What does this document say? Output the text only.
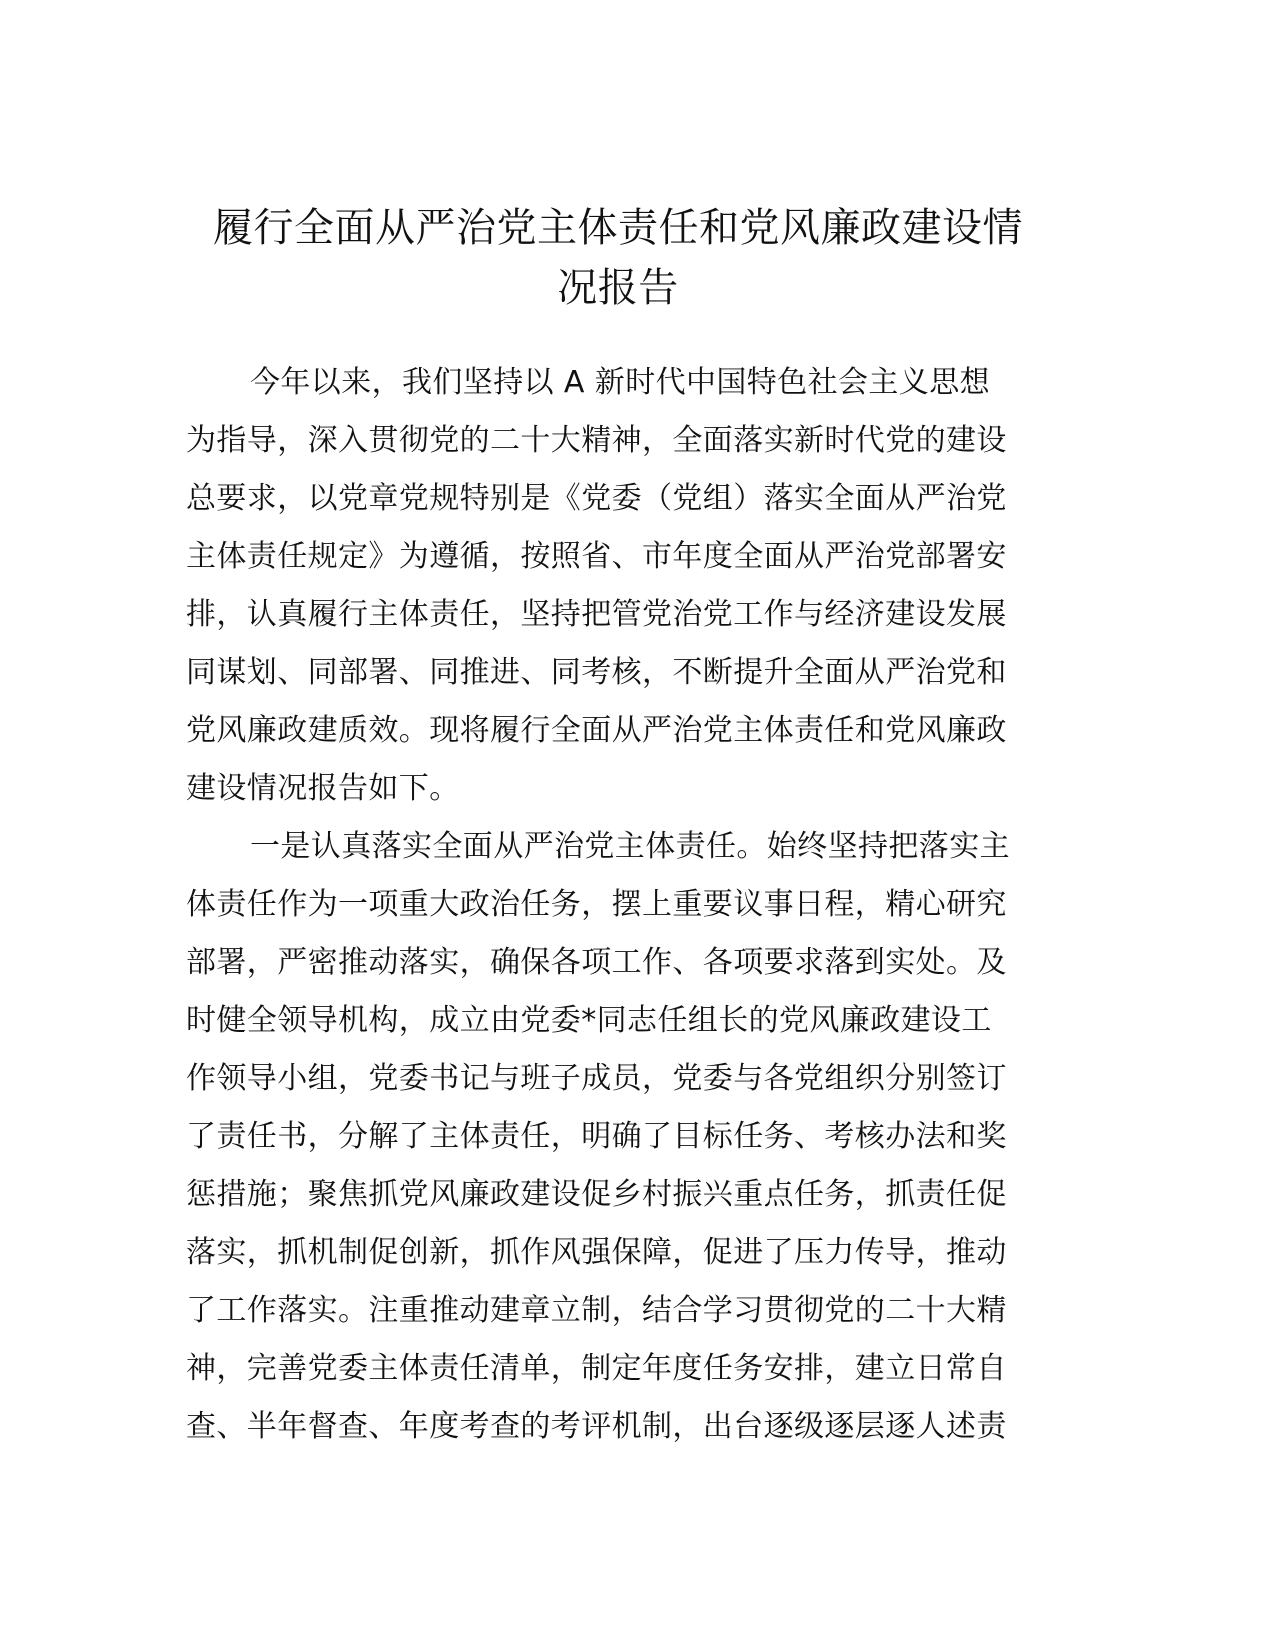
履行全面从严治党主体责任和党风廉政建设情
况报告

今年以来，我们坚持以 A 新时代中国特色社会主义思想
为指导，深入贯彻党的二十大精神，全面落实新时代党的建设
总要求，以党章党规特别是《党委（党组）落实全面从严治党
主体责任规定》为遵循，按照省、市年度全面从严治党部署安
排，认真履行主体责任，坚持把管党治党工作与经济建设发展
同谋划、同部署、同推进、同考核，不断提升全面从严治党和
党风廉政建质效。现将履行全面从严治党主体责任和党风廉政
建设情况报告如下。

一是认真落实全面从严治党主体责任。始终坚持把落实主
体责任作为一项重大政治任务，摆上重要议事日程，精心研究
部署，严密推动落实，确保各项工作、各项要求落到实处。及
时健全领导机构，成立由党委*同志任组长的党风廉政建设工
作领导小组，党委书记与班子成员，党委与各党组织分别签订
了责任书，分解了主体责任，明确了目标任务、考核办法和奖
惩措施；聚焦抓党风廉政建设促乡村振兴重点任务，抓责任促
落实，抓机制促创新，抓作风强保障，促进了压力传导，推动
了工作落实。注重推动建章立制，结合学习贯彻党的二十大精
神，完善党委主体责任清单，制定年度任务安排，建立日常自
查、半年督查、年度考查的考评机制，出台逐级逐层逐人述责
